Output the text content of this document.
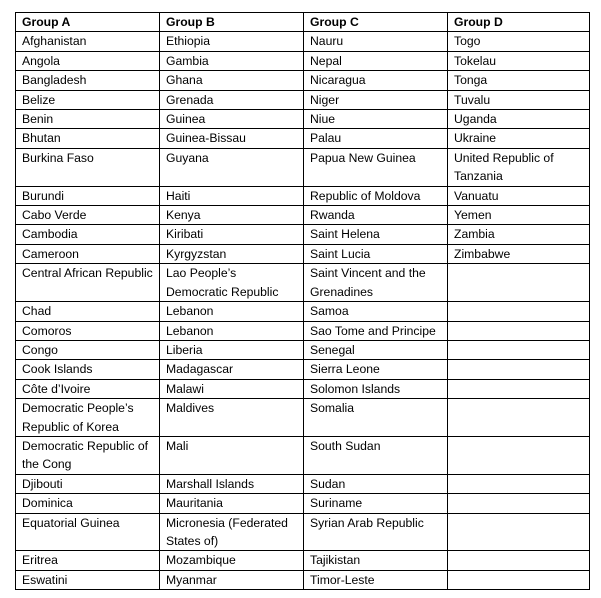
Group A	Group B	Group C	Group D
Afghanistan	Ethiopia	Nauru	Togo
Angola	Gambia	Nepal	Tokelau
Bangladesh	Ghana	Nicaragua	Tonga
Belize	Grenada	Niger	Tuvalu
Benin	Guinea	Niue	Uganda
Bhutan	Guinea-Bissau	Palau	Ukraine
Burkina Faso	Guyana	Papua New Guinea	United Republic of Tanzania
Burundi	Haiti	Republic of Moldova	Vanuatu
Cabo Verde	Kenya	Rwanda	Yemen
Cambodia	Kiribati	Saint Helena	Zambia
Cameroon	Kyrgyzstan	Saint Lucia	Zimbabwe
Central African Republic	Lao People’s Democratic Republic	Saint Vincent and the Grenadines	
Chad	Lebanon	Samoa	
Comoros	Lebanon	Sao Tome and Principe	
Congo	Liberia	Senegal	
Cook Islands	Madagascar	Sierra Leone	
Côte d’Ivoire	Malawi	Solomon Islands	
Democratic People’s Republic of Korea	Maldives	Somalia	
Democratic Republic of the Cong	Mali	South Sudan	
Djibouti	Marshall Islands	Sudan	
Dominica	Mauritania	Suriname	
Equatorial Guinea	Micronesia (Federated States of)	Syrian Arab Republic	
Eritrea	Mozambique	Tajikistan	
Eswatini	Myanmar	Timor-Leste	
